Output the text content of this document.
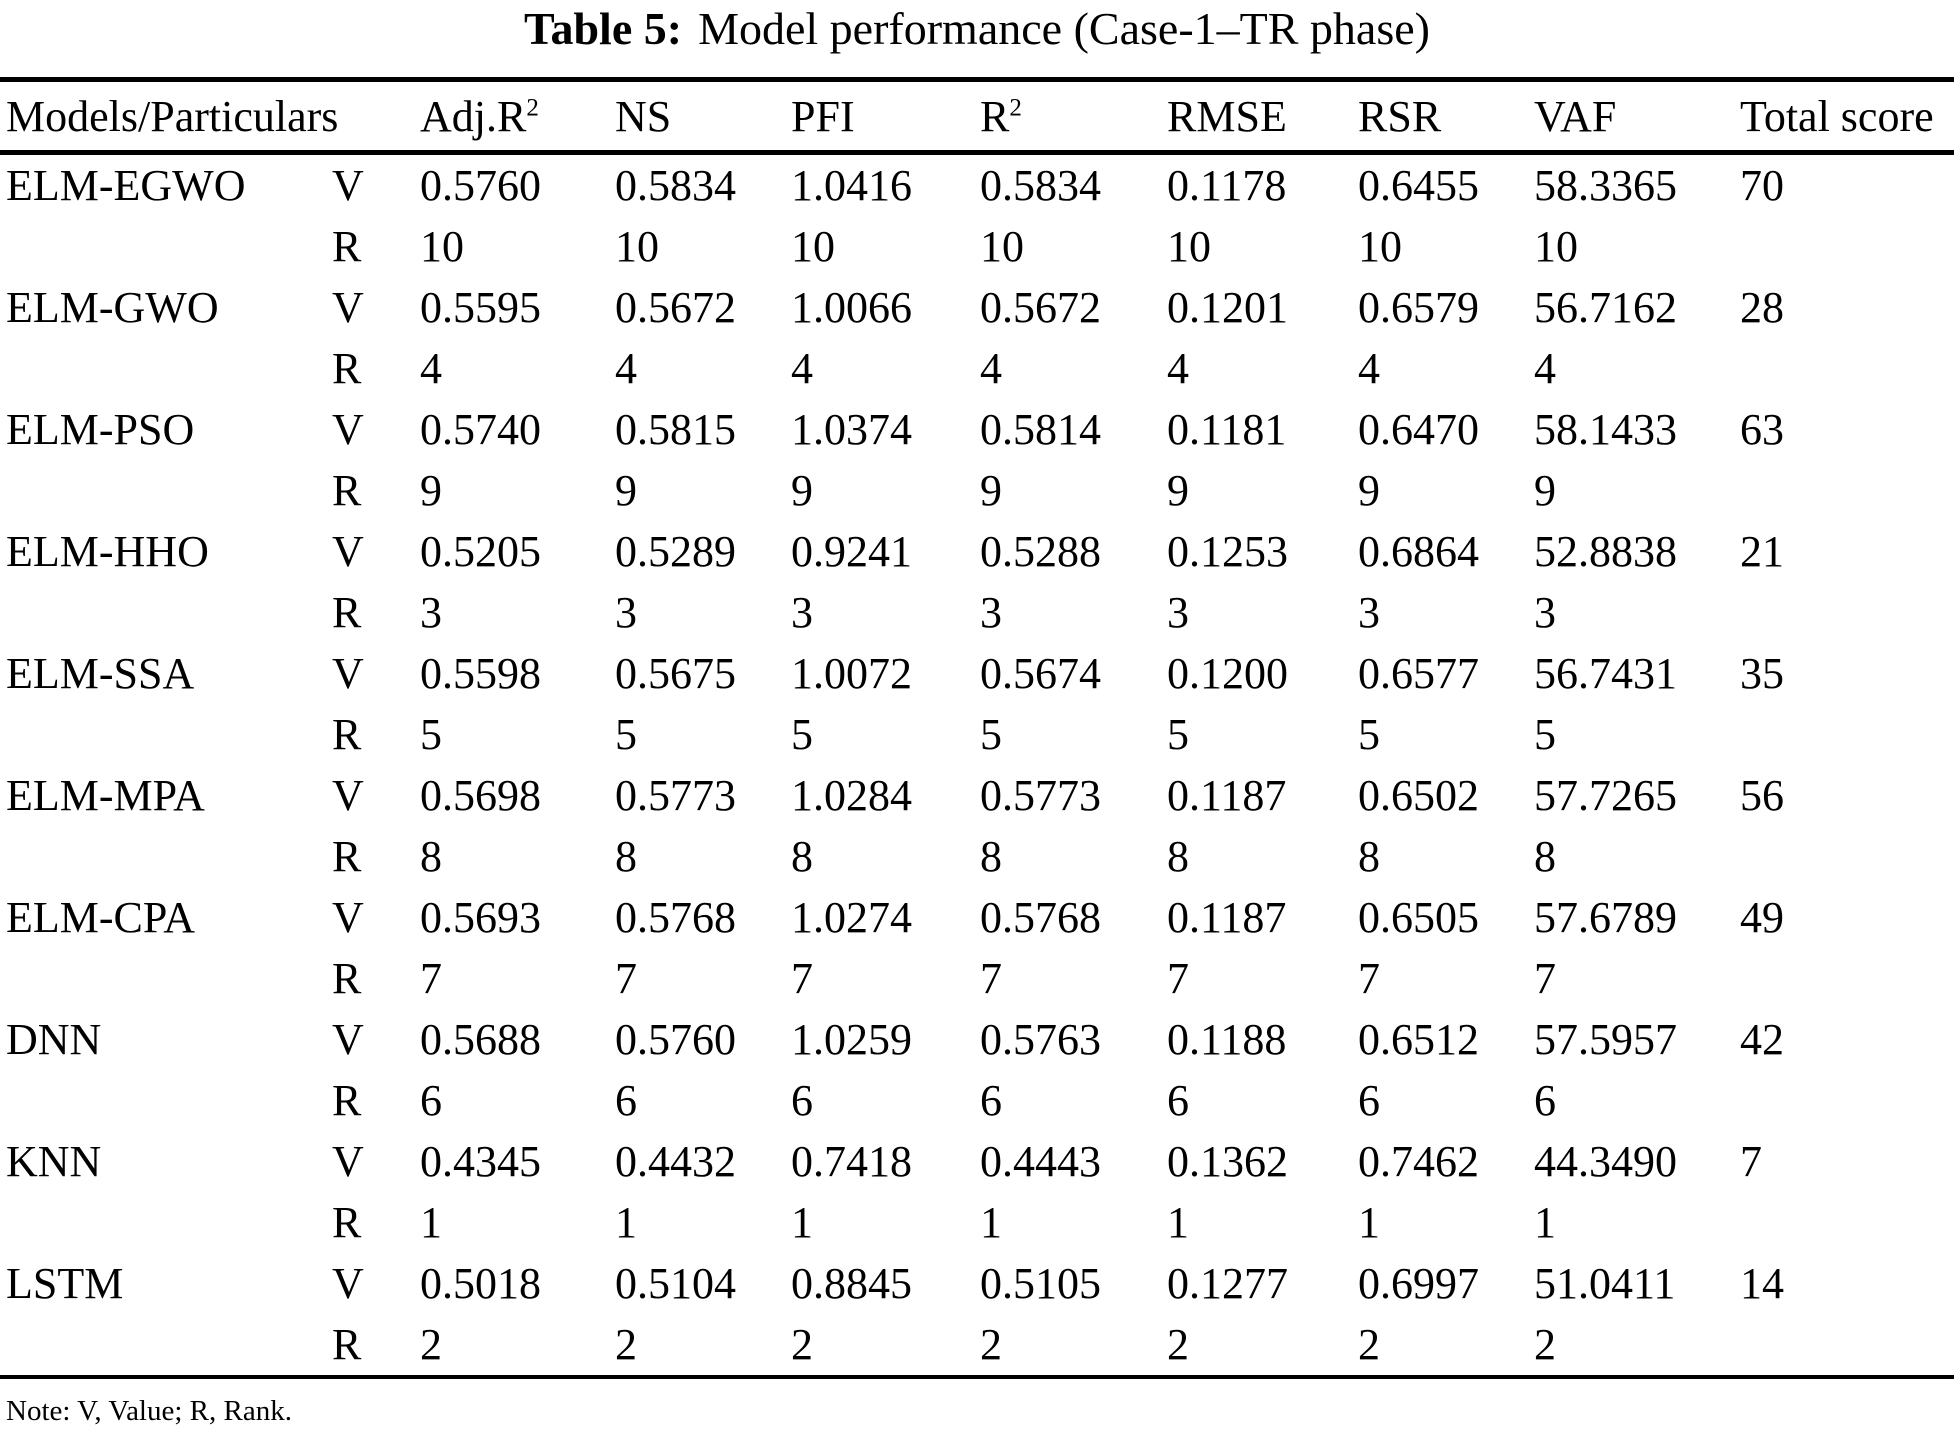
Table 5: Model performance (Case-1–TR phase)
Models/Particulars		$Adj.R^2$	NS	PFI	$R^2$	RMSE	RSR	VAF	Total score
ELM-EGWO	V	0.5760	0.5834	1.0416	0.5834	0.1178	0.6455	58.3365	70
	R	10	10	10	10	10	10	10	
ELM-GWO	V	0.5595	0.5672	1.0066	0.5672	0.1201	0.6579	56.7162	28
	R	4	4	4	4	4	4	4	
ELM-PSO	V	0.5740	0.5815	1.0374	0.5814	0.1181	0.6470	58.1433	63
	R	9	9	9	9	9	9	9	
ELM-HHO	V	0.5205	0.5289	0.9241	0.5288	0.1253	0.6864	52.8838	21
	R	3	3	3	3	3	3	3	
ELM-SSA	V	0.5598	0.5675	1.0072	0.5674	0.1200	0.6577	56.7431	35
	R	5	5	5	5	5	5	5	
ELM-MPA	V	0.5698	0.5773	1.0284	0.5773	0.1187	0.6502	57.7265	56
	R	8	8	8	8	8	8	8	
ELM-CPA	V	0.5693	0.5768	1.0274	0.5768	0.1187	0.6505	57.6789	49
	R	7	7	7	7	7	7	7	
DNN	V	0.5688	0.5760	1.0259	0.5763	0.1188	0.6512	57.5957	42
	R	6	6	6	6	6	6	6	
KNN	V	0.4345	0.4432	0.7418	0.4443	0.1362	0.7462	44.3490	7
	R	1	1	1	1	1	1	1	
LSTM	V	0.5018	0.5104	0.8845	0.5105	0.1277	0.6997	51.0411	14
	R	2	2	2	2	2	2	2	
Note: V, Value; R, Rank.
